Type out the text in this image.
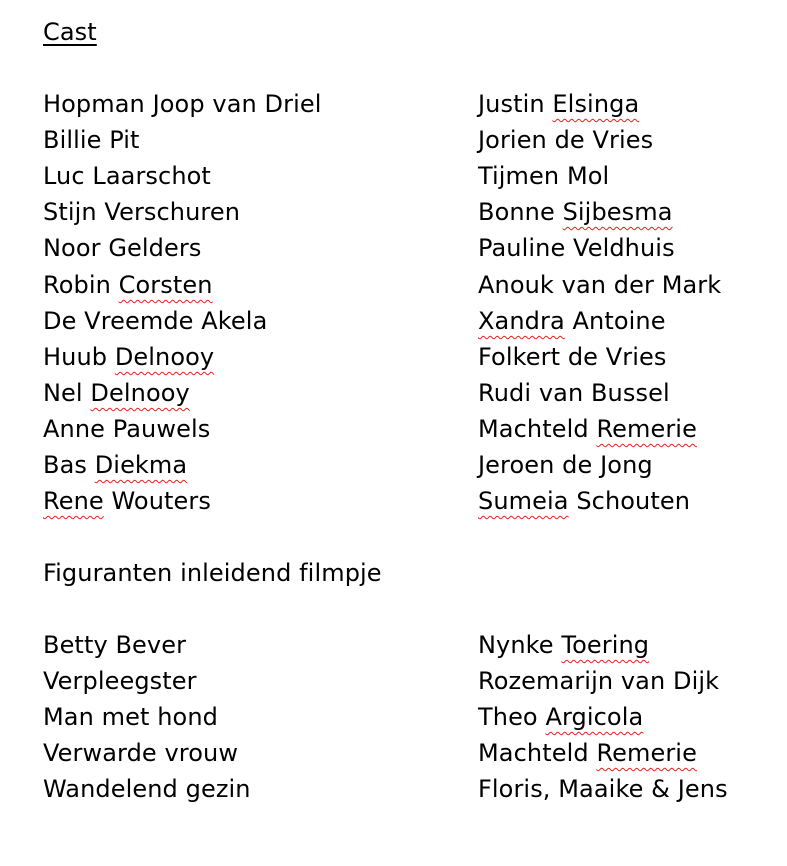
Cast
Hopman Joop van Driel	Justin Elsinga
Billie Pit	Jorien de Vries
Luc Laarschot	Tijmen Mol
Stijn Verschuren	Bonne Sijbesma
Noor Gelders	Pauline Veldhuis
Robin Corsten	Anouk van der Mark
De Vreemde Akela	Xandra Antoine
Huub Delnooy	Folkert de Vries
Nel Delnooy	Rudi van Bussel
Anne Pauwels	Machteld Remerie
Bas Diekma	Jeroen de Jong
Rene Wouters	Sumeia Schouten
Figuranten inleidend filmpje
Betty Bever	Nynke Toering
Verpleegster	Rozemarijn van Dijk
Man met hond	Theo Argicola
Verwarde vrouw	Machteld Remerie
Wandelend gezin	Floris, Maaike & Jens
